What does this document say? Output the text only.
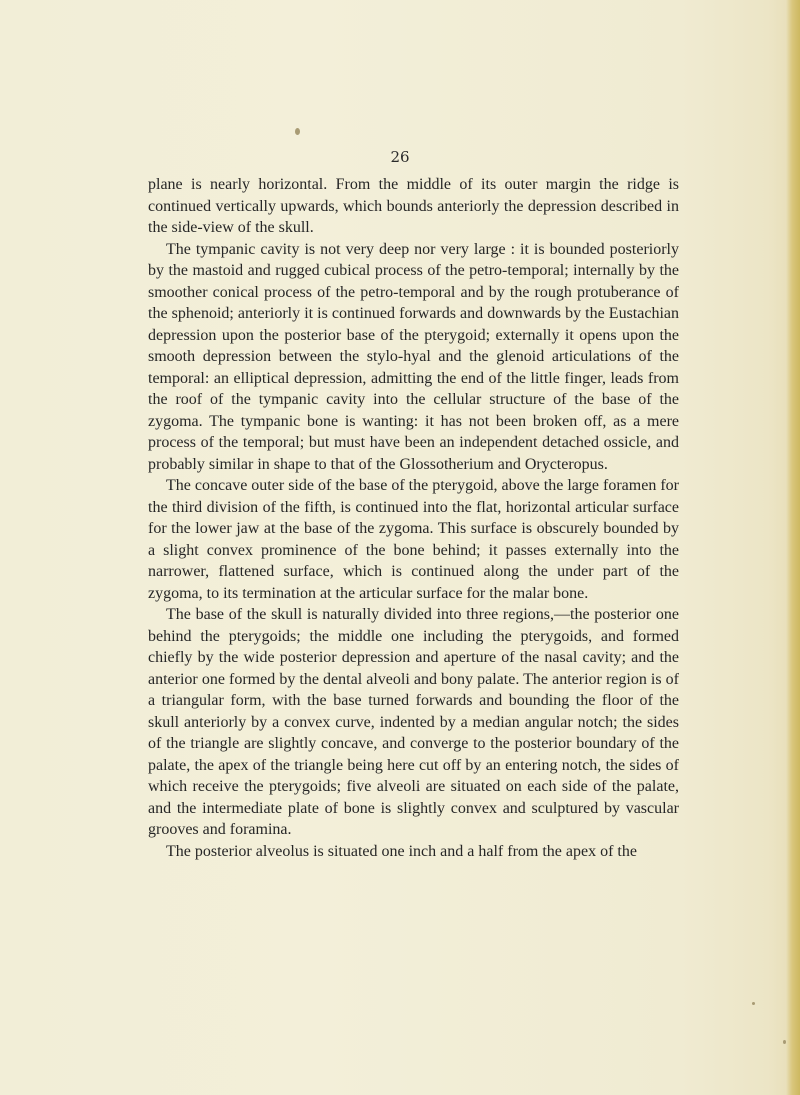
26

plane is nearly horizontal. From the middle of its outer margin the ridge is continued vertically upwards, which bounds anteriorly the depression described in the side-view of the skull.

The tympanic cavity is not very deep nor very large : it is bounded posteriorly by the mastoid and rugged cubical process of the petro-temporal; internally by the smoother conical process of the petro-temporal and by the rough protuberance of the sphenoid; anteriorly it is continued forwards and downwards by the Eustachian depression upon the posterior base of the pterygoid; externally it opens upon the smooth depression between the stylo-hyal and the glenoid articulations of the temporal: an elliptical depression, admitting the end of the little finger, leads from the roof of the tympanic cavity into the cellular structure of the base of the zygoma. The tympanic bone is wanting: it has not been broken off, as a mere process of the temporal; but must have been an independent detached ossicle, and probably similar in shape to that of the Glossotherium and Orycteropus.

The concave outer side of the base of the pterygoid, above the large foramen for the third division of the fifth, is continued into the flat, horizontal articular surface for the lower jaw at the base of the zygoma. This surface is obscurely bounded by a slight convex prominence of the bone behind; it passes externally into the narrower, flattened surface, which is continued along the under part of the zygoma, to its termination at the articular surface for the malar bone.

The base of the skull is naturally divided into three regions,—the posterior one behind the pterygoids; the middle one including the pterygoids, and formed chiefly by the wide posterior depression and aperture of the nasal cavity; and the anterior one formed by the dental alveoli and bony palate. The anterior region is of a triangular form, with the base turned forwards and bounding the floor of the skull anteriorly by a convex curve, indented by a median angular notch; the sides of the triangle are slightly concave, and converge to the posterior boundary of the palate, the apex of the triangle being here cut off by an entering notch, the sides of which receive the pterygoids; five alveoli are situated on each side of the palate, and the intermediate plate of bone is slightly convex and sculptured by vascular grooves and foramina.

The posterior alveolus is situated one inch and a half from the apex of the
